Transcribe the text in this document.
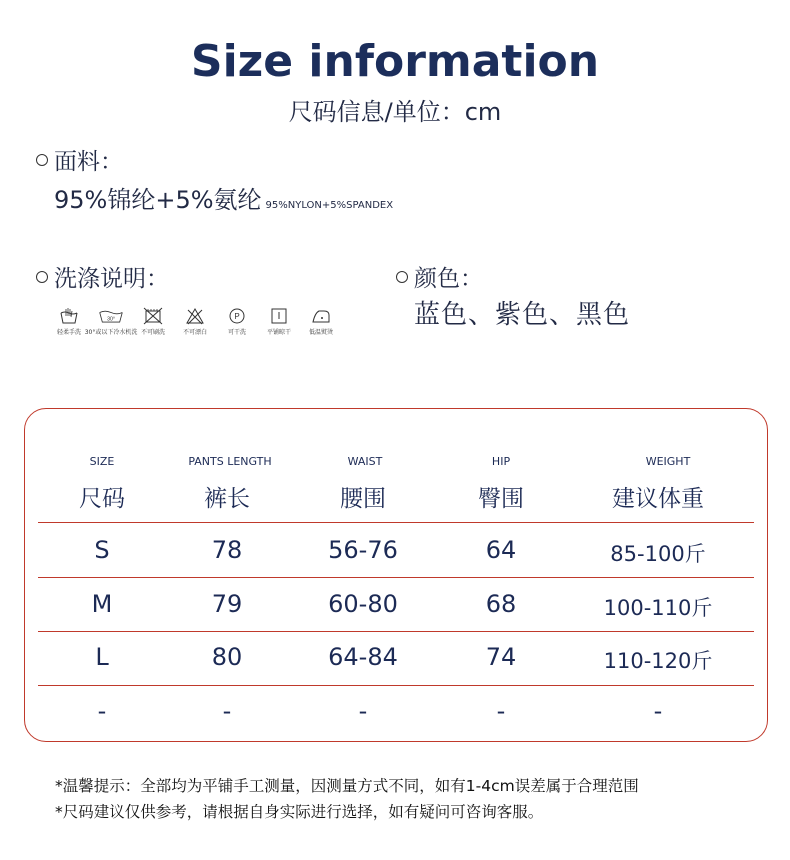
Size information
尺码信息/单位：cm
面料：
95%锦纶+5%氨纶 95%NYLON+5%SPANDEX
洗涤说明：
轻柔手洗
30°
30°或以下冷水机洗 不可刷洗	不可漂白
P
可干洗	平铺晾干	低温熨烫
颜色：
蓝色、紫色、黑色
SIZE	PANTS LENGTH	WAIST	HIP	WEIGHT
尺码	裤长	腰围	臀围	建议体重
S	78	56-76	64	85-100斤
M	79	60-80	68	100-110斤
L	80	64-84	74	110-120斤
-	-	-	-	-
*温馨提示：全部均为平铺手工测量，因测量方式不同，如有1-4cm误差属于合理范围
*尺码建议仅供参考，请根据自身实际进行选择，如有疑问可咨询客服。
